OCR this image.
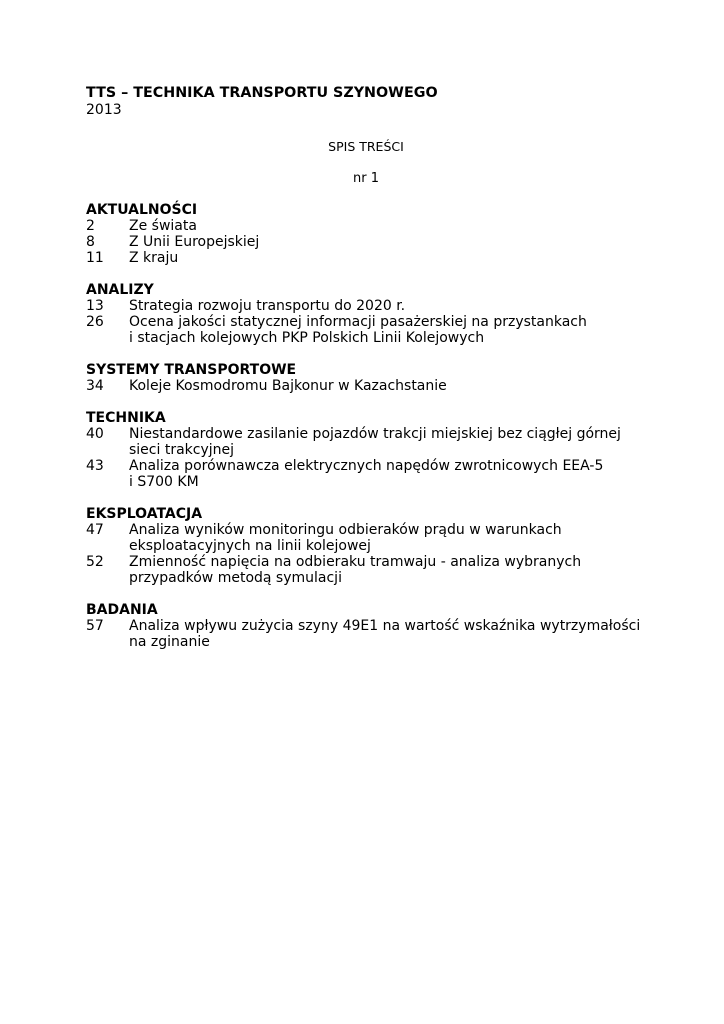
TTS – TECHNIKA TRANSPORTU SZYNOWEGO
2013
SPIS TREŚCI
nr 1
AKTUALNOŚCI
2	Ze świata
8	Z Unii Europejskiej
11	Z kraju
ANALIZY
13	Strategia rozwoju transportu do 2020 r.
26	Ocena jakości statycznej informacji pasażerskiej na przystankach
i stacjach kolejowych PKP Polskich Linii Kolejowych
SYSTEMY TRANSPORTOWE
34	Koleje Kosmodromu Bajkonur w Kazachstanie
TECHNIKA
40	Niestandardowe zasilanie pojazdów trakcji miejskiej bez ciągłej górnej
sieci trakcyjnej
43	Analiza porównawcza elektrycznych napędów zwrotnicowych EEA-5
i S700 KM
EKSPLOATACJA
47	Analiza wyników monitoringu odbieraków prądu w warunkach
eksploatacyjnych na linii kolejowej
52	Zmienność napięcia na odbieraku tramwaju - analiza wybranych
przypadków metodą symulacji
BADANIA
57	Analiza wpływu zużycia szyny 49E1 na wartość wskaźnika wytrzymałości
na zginanie
